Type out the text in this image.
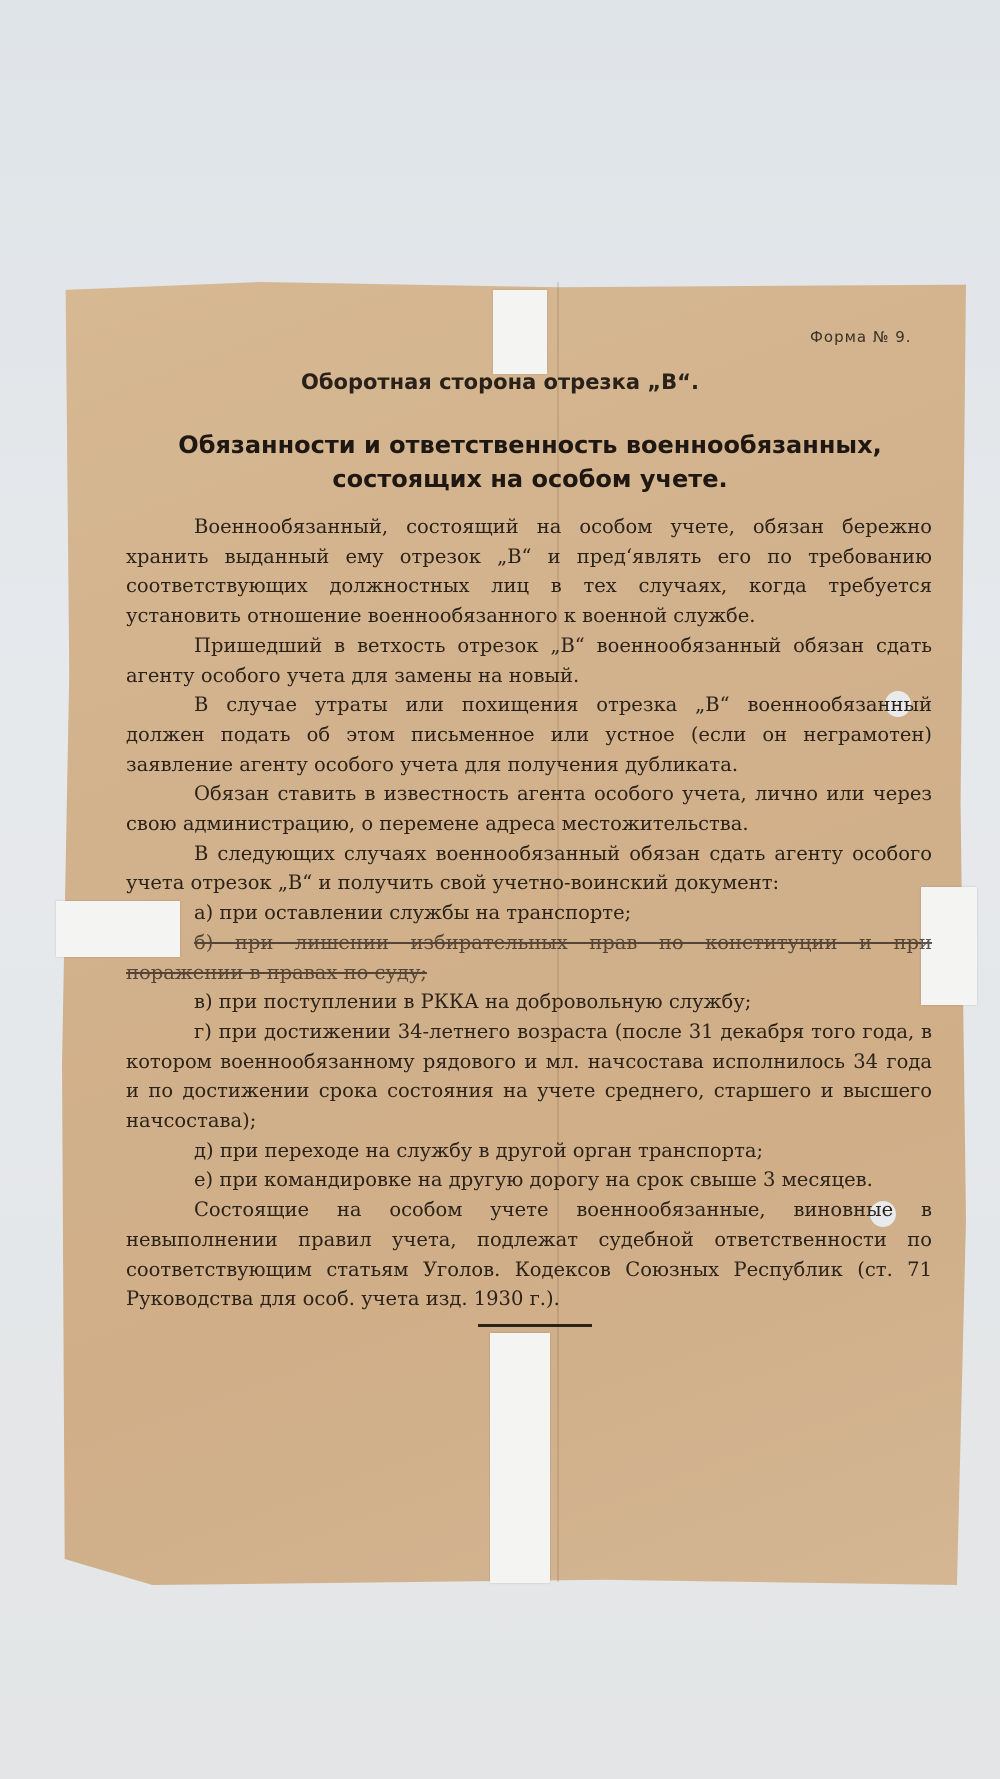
Форма № 9.
Оборотная сторона отрезка „В“.
Обязанности и ответственность военнообязанных, состоящих на особом учете.

Военнообязанный, состоящий на особом учете, обязан бережно хранить выданный ему отрезок „В“ и пред‘являть его по требованию соответствующих должностных лиц в тех случаях, когда требуется установить отношение военнообязанного к военной службе.

Пришедший в ветхость отрезок „В“ военнообязанный обязан сдать агенту особого учета для замены на новый.

В случае утраты или похищения отрезка „В“ военнообязанный должен подать об этом письменное или устное (если он неграмотен) заявление агенту особого учета для получения дубликата.

Обязан ставить в известность агента особого учета, лично или через свою администрацию, о перемене адреса местожительства.

В следующих случаях военнообязанный обязан сдать агенту особого учета отрезок „В“ и получить свой учетно-воинский документ:

а) при оставлении службы на транспорте;

б) при лишении избирательных прав по конституции и при поражении в правах по суду;

в) при поступлении в РККА на добровольную службу;

г) при достижении 34-летнего возраста (после 31 декабря того года, в котором военнообязанному рядового и мл. начсостава исполнилось 34 года и по достижении срока состояния на учете среднего, старшего и высшего начсостава);

д) при переходе на службу в другой орган транспорта;

е) при командировке на другую дорогу на срок свыше 3 месяцев.

Состоящие на особом учете военнообязанные, виновные в невыполнении правил учета, подлежат судебной ответственности по соответствующим статьям Уголов. Кодексов Союзных Республик (ст. 71 Руководства для особ. учета изд. 1930 г.).
